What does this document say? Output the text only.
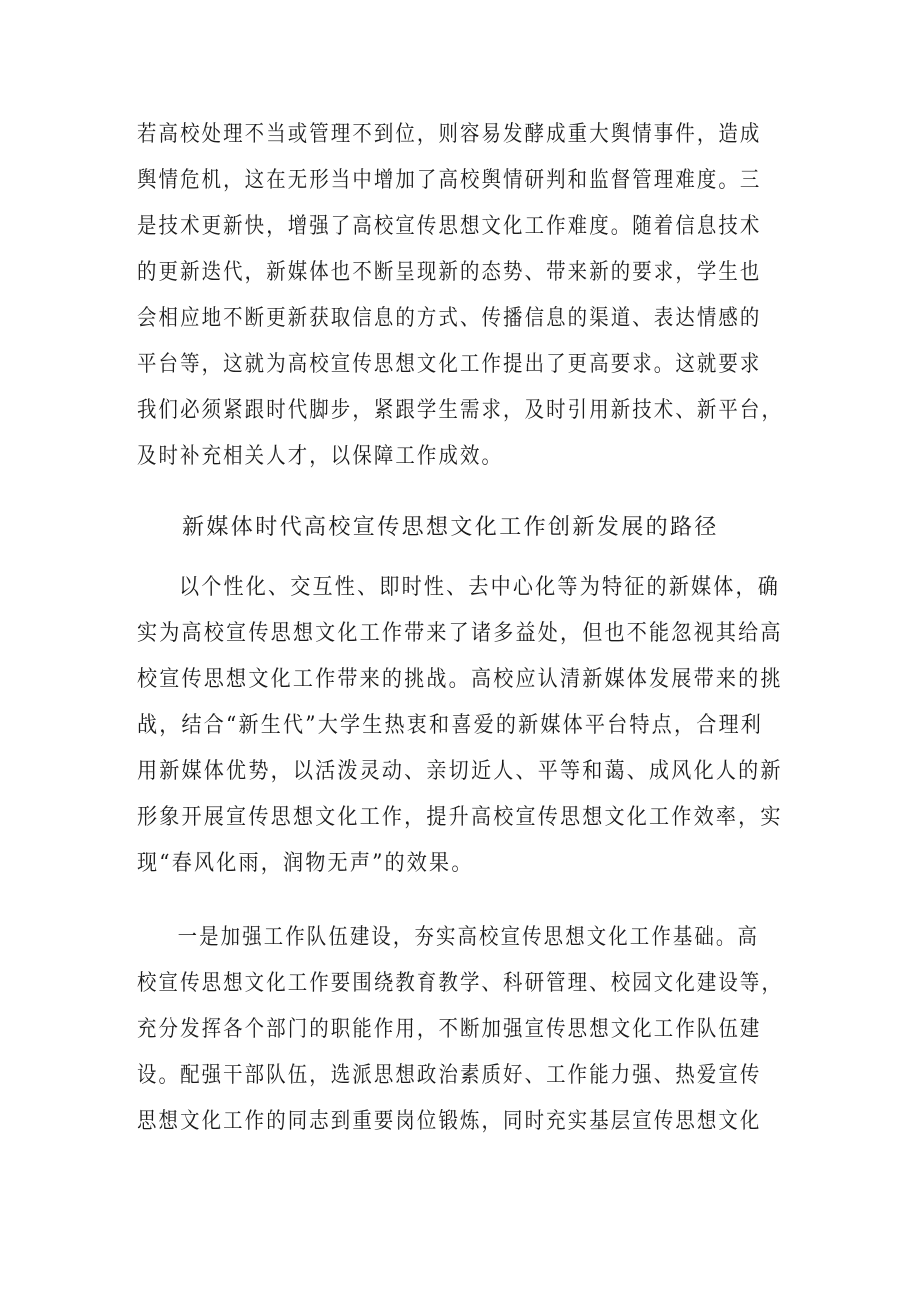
若高校处理不当或管理不到位，则容易发酵成重大舆情事件，造成
舆情危机，这在无形当中增加了高校舆情研判和监督管理难度。三
是技术更新快，增强了高校宣传思想文化工作难度。随着信息技术
的更新迭代，新媒体也不断呈现新的态势、带来新的要求，学生也
会相应地不断更新获取信息的方式、传播信息的渠道、表达情感的
平台等，这就为高校宣传思想文化工作提出了更高要求。这就要求
我们必须紧跟时代脚步，紧跟学生需求，及时引用新技术、新平台，
及时补充相关人才，以保障工作成效。
新媒体时代高校宣传思想文化工作创新发展的路径
以个性化、交互性、即时性、去中心化等为特征的新媒体，确
实为高校宣传思想文化工作带来了诸多益处，但也不能忽视其给高
校宣传思想文化工作带来的挑战。高校应认清新媒体发展带来的挑
战，结合“新生代”大学生热衷和喜爱的新媒体平台特点，合理利
用新媒体优势，以活泼灵动、亲切近人、平等和蔼、成风化人的新
形象开展宣传思想文化工作，提升高校宣传思想文化工作效率，实
现“春风化雨，润物无声”的效果。
一是加强工作队伍建设，夯实高校宣传思想文化工作基础。高
校宣传思想文化工作要围绕教育教学、科研管理、校园文化建设等，
充分发挥各个部门的职能作用，不断加强宣传思想文化工作队伍建
设。配强干部队伍，选派思想政治素质好、工作能力强、热爱宣传
思想文化工作的同志到重要岗位锻炼，同时充实基层宣传思想文化
